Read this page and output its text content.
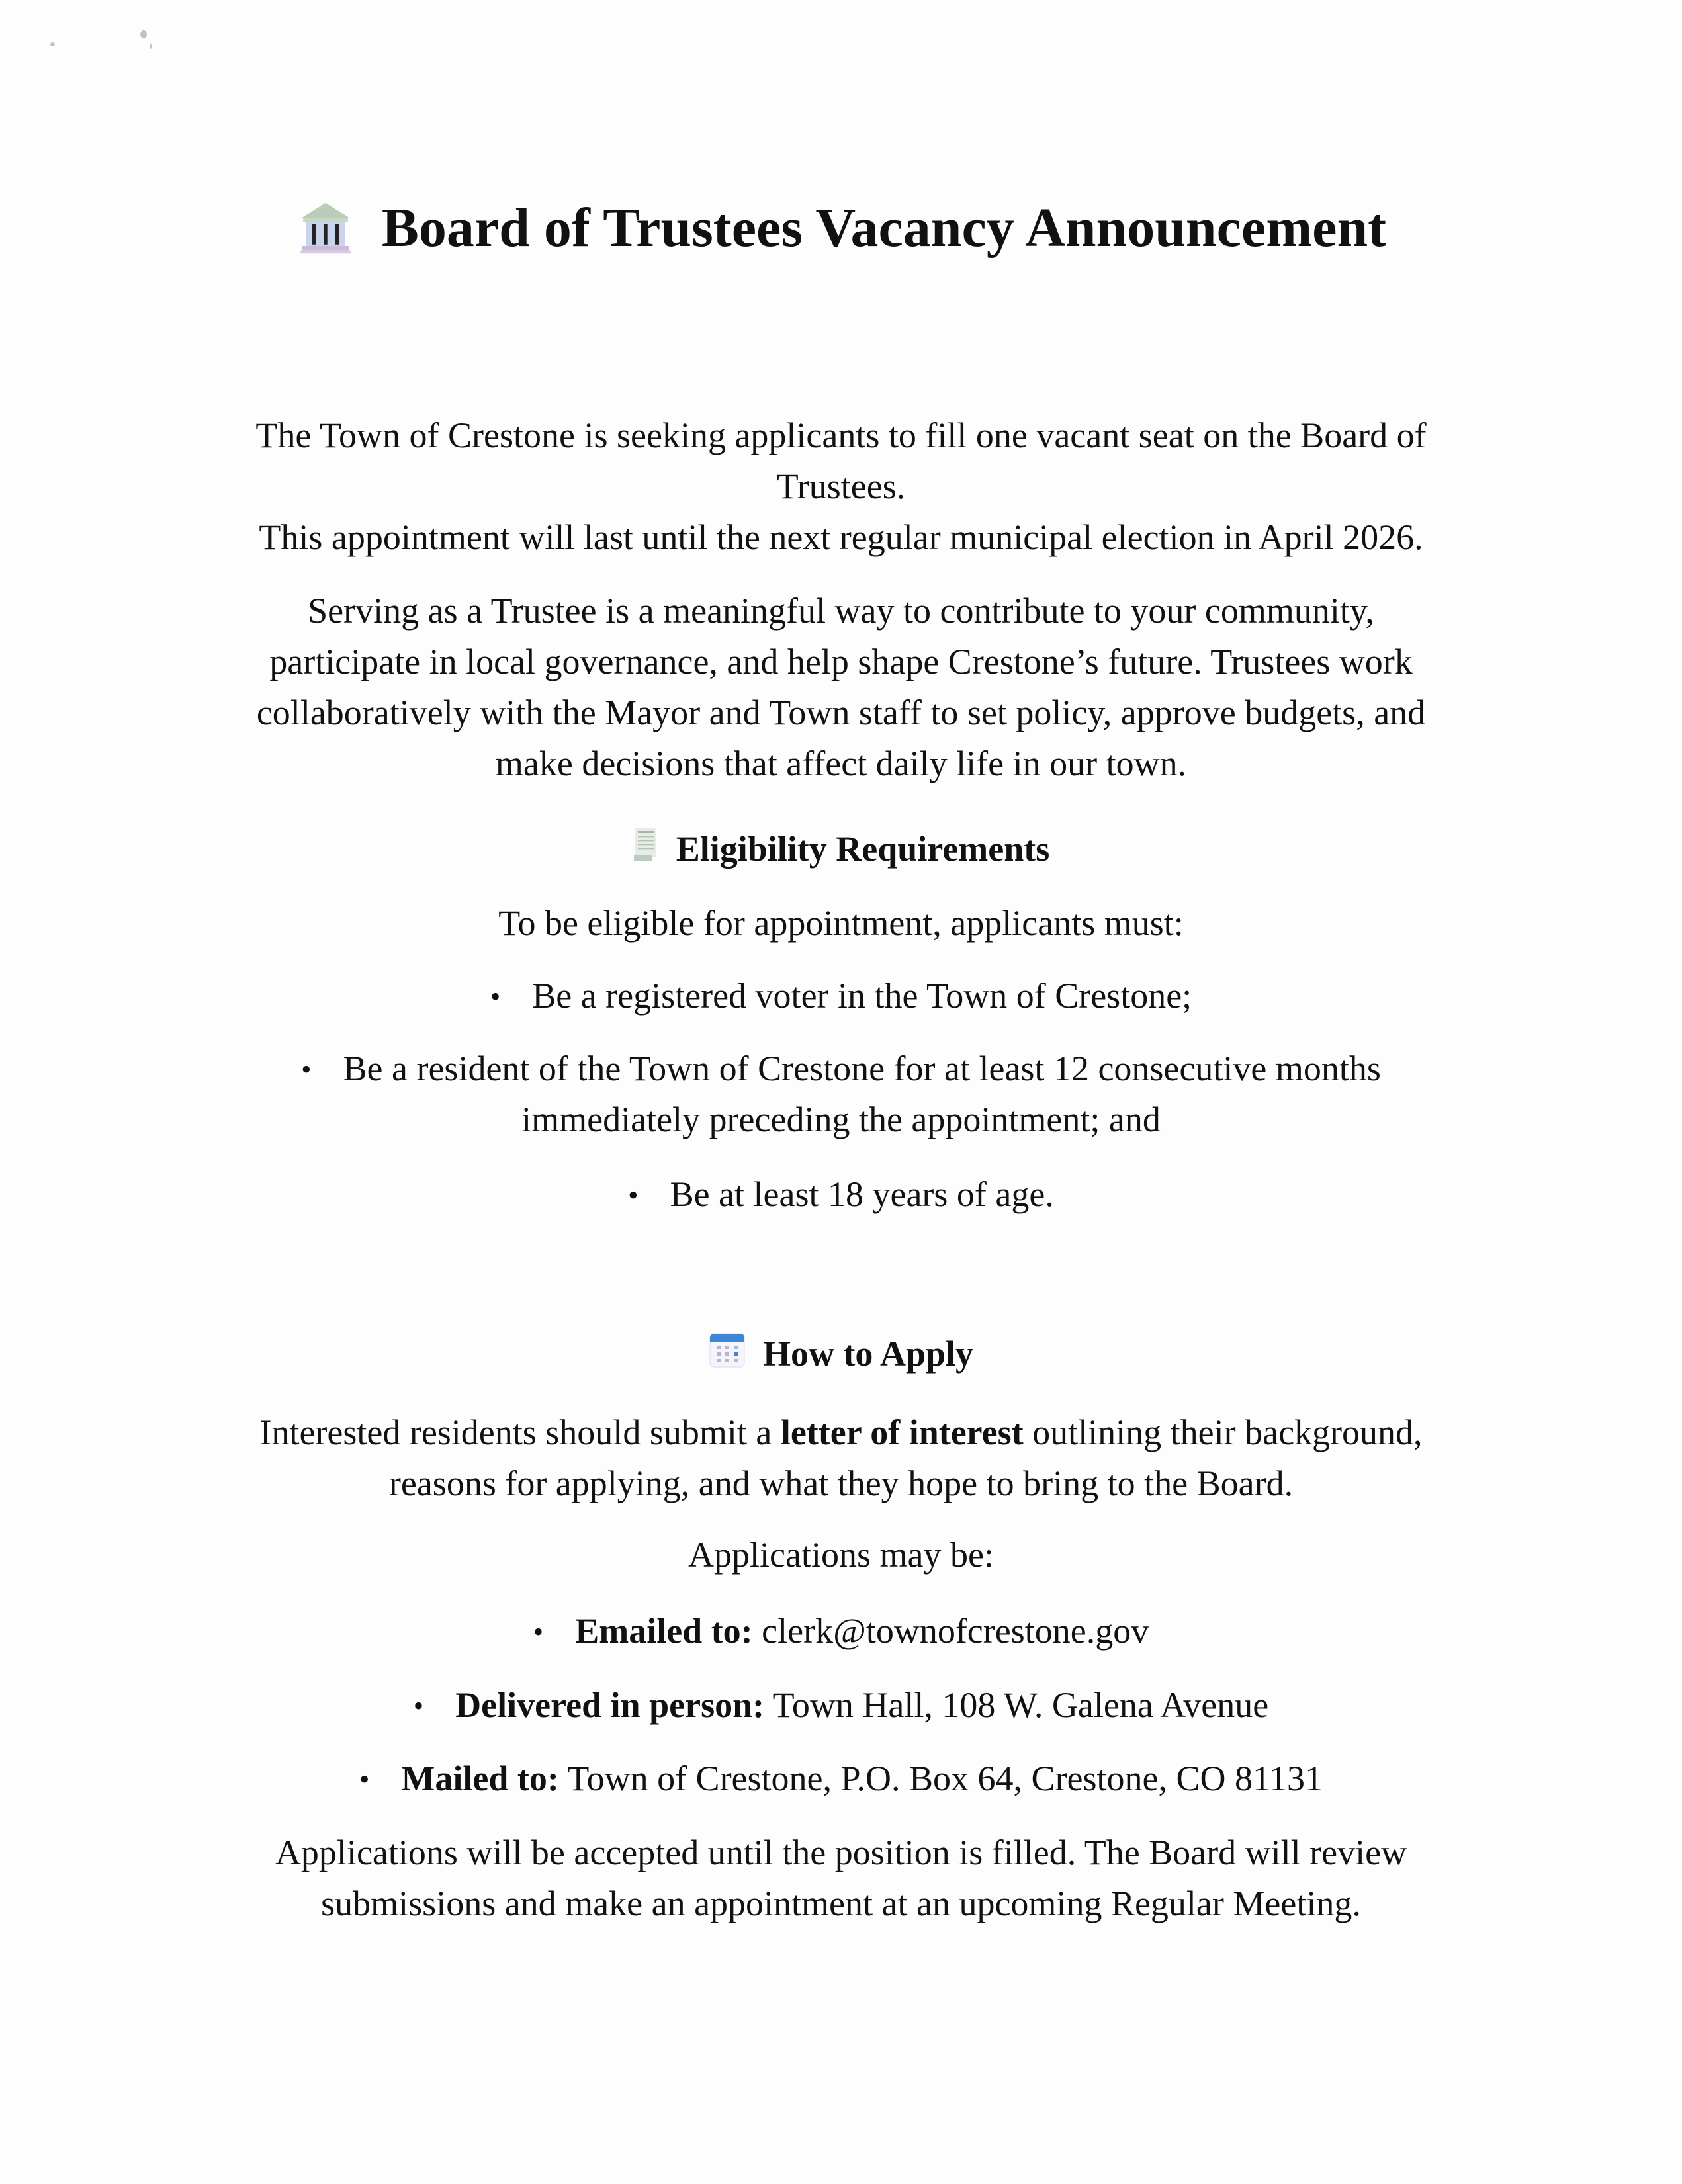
Board of Trustees Vacancy Announcement

The Town of Crestone is seeking applicants to fill one vacant seat on the Board of

Trustees.

This appointment will last until the next regular municipal election in April 2026.

Serving as a Trustee is a meaningful way to contribute to your community,

participate in local governance, and help shape Crestone’s future. Trustees work

collaboratively with the Mayor and Town staff to set policy, approve budgets, and

make decisions that affect daily life in our town.

Eligibility Requirements

To be eligible for appointment, applicants must:

• Be a registered voter in the Town of Crestone;
• Be a resident of the Town of Crestone for at least 12 consecutive months
immediately preceding the appointment; and
• Be at least 18 years of age.
How to Apply

Interested residents should submit a letter of interest outlining their background,

reasons for applying, and what they hope to bring to the Board.

Applications may be:

• Emailed to: clerk@townofcrestone.gov
• Delivered in person: Town Hall, 108 W. Galena Avenue
• Mailed to: Town of Crestone, P.O. Box 64, Crestone, CO 81131

Applications will be accepted until the position is filled. The Board will review

submissions and make an appointment at an upcoming Regular Meeting.
